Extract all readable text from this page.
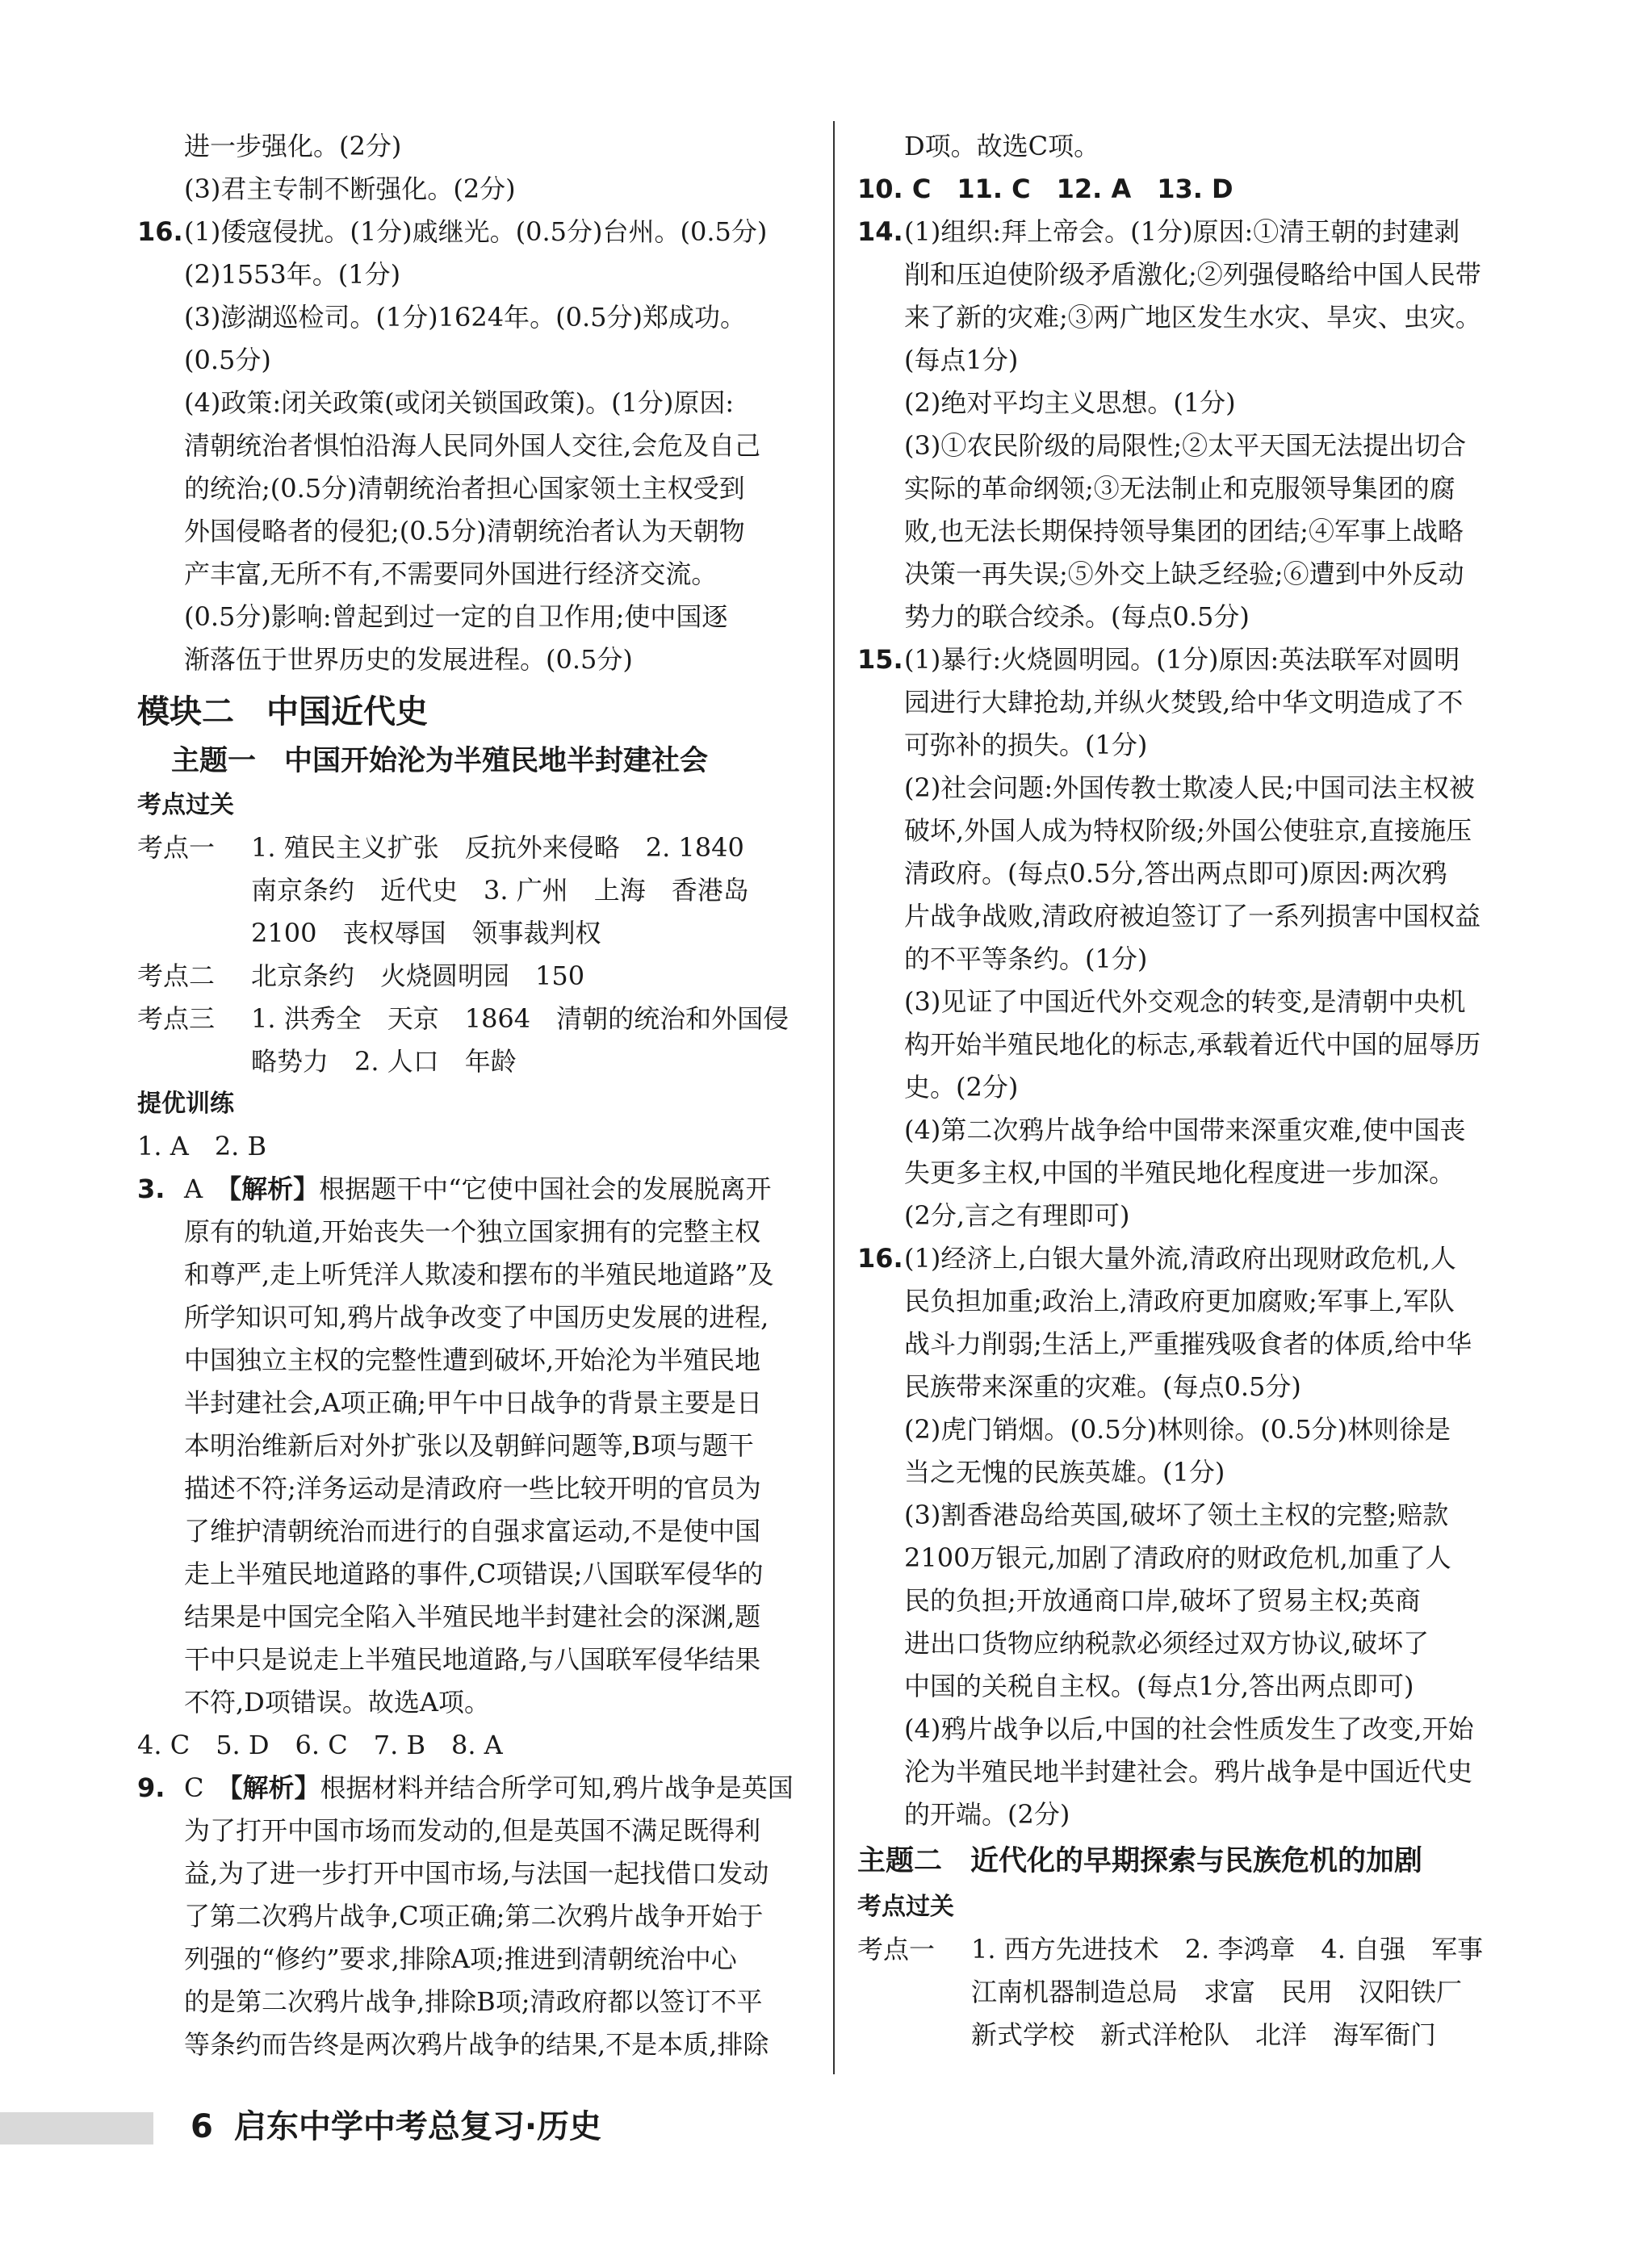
进一步强化。(2分)
(3)君主专制不断强化。(2分)
16.(1)倭寇侵扰。(1分)戚继光。(0.5分)台州。(0.5分)
(2)1553年。(1分)
(3)澎湖巡检司。(1分)1624年。(0.5分)郑成功。
(0.5分)
(4)政策:闭关政策(或闭关锁国政策)。(1分)原因:
清朝统治者惧怕沿海人民同外国人交往,会危及自己
的统治;(0.5分)清朝统治者担心国家领土主权受到
外国侵略者的侵犯;(0.5分)清朝统治者认为天朝物
产丰富,无所不有,不需要同外国进行经济交流。
(0.5分)影响:曾起到过一定的自卫作用;使中国逐
渐落伍于世界历史的发展进程。(0.5分)
模块二　中国近代史
主题一　中国开始沦为半殖民地半封建社会
考点过关
考点一 1. 殖民主义扩张　反抗外来侵略　2. 1840
南京条约　近代史　3. 广州　上海　香港岛
2100　丧权辱国　领事裁判权
考点二 北京条约　火烧圆明园　150
考点三 1. 洪秀全　天京　1864　清朝的统治和外国侵
略势力　2. 人口　年龄
提优训练
1. A　2. B
3. A　【解析】根据题干中“它使中国社会的发展脱离开
原有的轨道,开始丧失一个独立国家拥有的完整主权
和尊严,走上听凭洋人欺凌和摆布的半殖民地道路”及
所学知识可知,鸦片战争改变了中国历史发展的进程,
中国独立主权的完整性遭到破坏,开始沦为半殖民地
半封建社会,A项正确;甲午中日战争的背景主要是日
本明治维新后对外扩张以及朝鲜问题等,B项与题干
描述不符;洋务运动是清政府一些比较开明的官员为
了维护清朝统治而进行的自强求富运动,不是使中国
走上半殖民地道路的事件,C项错误;八国联军侵华的
结果是中国完全陷入半殖民地半封建社会的深渊,题
干中只是说走上半殖民地道路,与八国联军侵华结果
不符,D项错误。故选A项。
4. C　5. D　6. C　7. B　8. A
9. C　【解析】根据材料并结合所学可知,鸦片战争是英国
为了打开中国市场而发动的,但是英国不满足既得利
益,为了进一步打开中国市场,与法国一起找借口发动
了第二次鸦片战争,C项正确;第二次鸦片战争开始于
列强的“修约”要求,排除A项;推进到清朝统治中心
的是第二次鸦片战争,排除B项;清政府都以签订不平
等条约而告终是两次鸦片战争的结果,不是本质,排除
D项。故选C项。
10. C　11. C　12. A　13. D
14.(1)组织:拜上帝会。(1分)原因:①清王朝的封建剥
削和压迫使阶级矛盾激化;②列强侵略给中国人民带
来了新的灾难;③两广地区发生水灾、旱灾、虫灾。
(每点1分)
(2)绝对平均主义思想。(1分)
(3)①农民阶级的局限性;②太平天国无法提出切合
实际的革命纲领;③无法制止和克服领导集团的腐
败,也无法长期保持领导集团的团结;④军事上战略
决策一再失误;⑤外交上缺乏经验;⑥遭到中外反动
势力的联合绞杀。(每点0.5分)
15.(1)暴行:火烧圆明园。(1分)原因:英法联军对圆明
园进行大肆抢劫,并纵火焚毁,给中华文明造成了不
可弥补的损失。(1分)
(2)社会问题:外国传教士欺凌人民;中国司法主权被
破坏,外国人成为特权阶级;外国公使驻京,直接施压
清政府。(每点0.5分,答出两点即可)原因:两次鸦
片战争战败,清政府被迫签订了一系列损害中国权益
的不平等条约。(1分)
(3)见证了中国近代外交观念的转变,是清朝中央机
构开始半殖民地化的标志,承载着近代中国的屈辱历
史。(2分)
(4)第二次鸦片战争给中国带来深重灾难,使中国丧
失更多主权,中国的半殖民地化程度进一步加深。
(2分,言之有理即可)
16.(1)经济上,白银大量外流,清政府出现财政危机,人
民负担加重;政治上,清政府更加腐败;军事上,军队
战斗力削弱;生活上,严重摧残吸食者的体质,给中华
民族带来深重的灾难。(每点0.5分)
(2)虎门销烟。(0.5分)林则徐。(0.5分)林则徐是
当之无愧的民族英雄。(1分)
(3)割香港岛给英国,破坏了领土主权的完整;赔款
2100万银元,加剧了清政府的财政危机,加重了人
民的负担;开放通商口岸,破坏了贸易主权;英商
进出口货物应纳税款必须经过双方协议,破坏了
中国的关税自主权。(每点1分,答出两点即可)
(4)鸦片战争以后,中国的社会性质发生了改变,开始
沦为半殖民地半封建社会。鸦片战争是中国近代史
的开端。(2分)
主题二　近代化的早期探索与民族危机的加剧
考点过关
考点一 1. 西方先进技术　2. 李鸿章　4. 自强　军事
江南机器制造总局　求富　民用　汉阳铁厂
新式学校　新式洋枪队　北洋　海军衙门
6 启东中学中考总复习·历史
